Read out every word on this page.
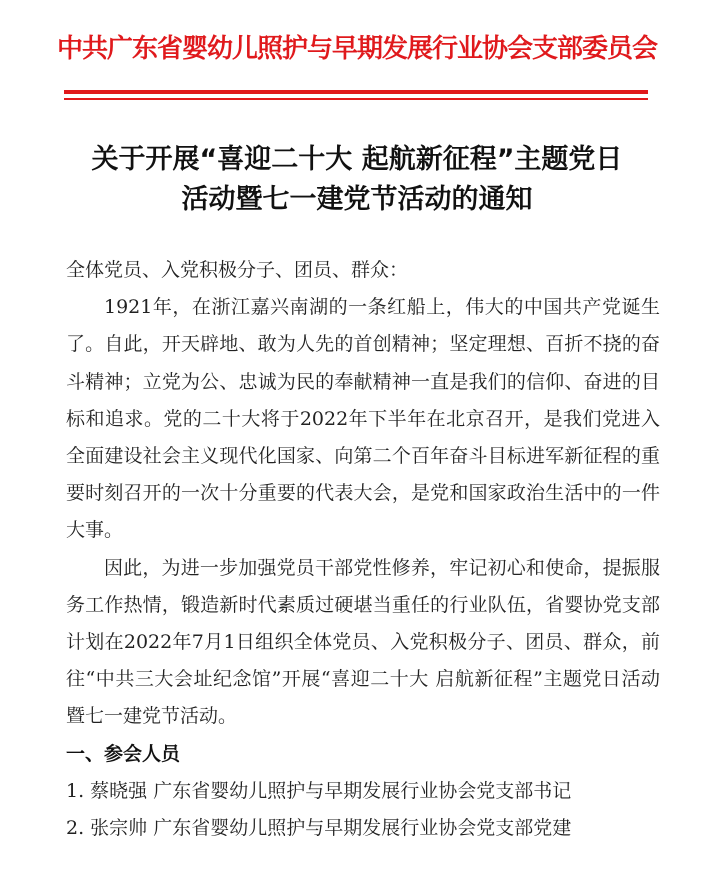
中共广东省婴幼儿照护与早期发展行业协会支部委员会
关于开展“喜迎二十大 起航新征程”主题党日
活动暨七一建党节活动的通知

全体党员、入党积极分子、团员、群众：

1921年，在浙江嘉兴南湖的一条红船上，伟大的中国共产党诞生了。自此，开天辟地、敢为人先的首创精神；坚定理想、百折不挠的奋斗精神；立党为公、忠诚为民的奉献精神一直是我们的信仰、奋进的目标和追求。党的二十大将于2022年下半年在北京召开，是我们党进入全面建设社会主义现代化国家、向第二个百年奋斗目标进军新征程的重要时刻召开的一次十分重要的代表大会，是党和国家政治生活中的一件大事。

因此，为进一步加强党员干部党性修养，牢记初心和使命，提振服务工作热情，锻造新时代素质过硬堪当重任的行业队伍，省婴协党支部计划在2022年7月1日组织全体党员、入党积极分子、团员、群众，前往“中共三大会址纪念馆”开展“喜迎二十大 启航新征程”主题党日活动暨七一建党节活动。

一、参会人员

1. 蔡晓强 广东省婴幼儿照护与早期发展行业协会党支部书记

2. 张宗帅 广东省婴幼儿照护与早期发展行业协会党支部党建
